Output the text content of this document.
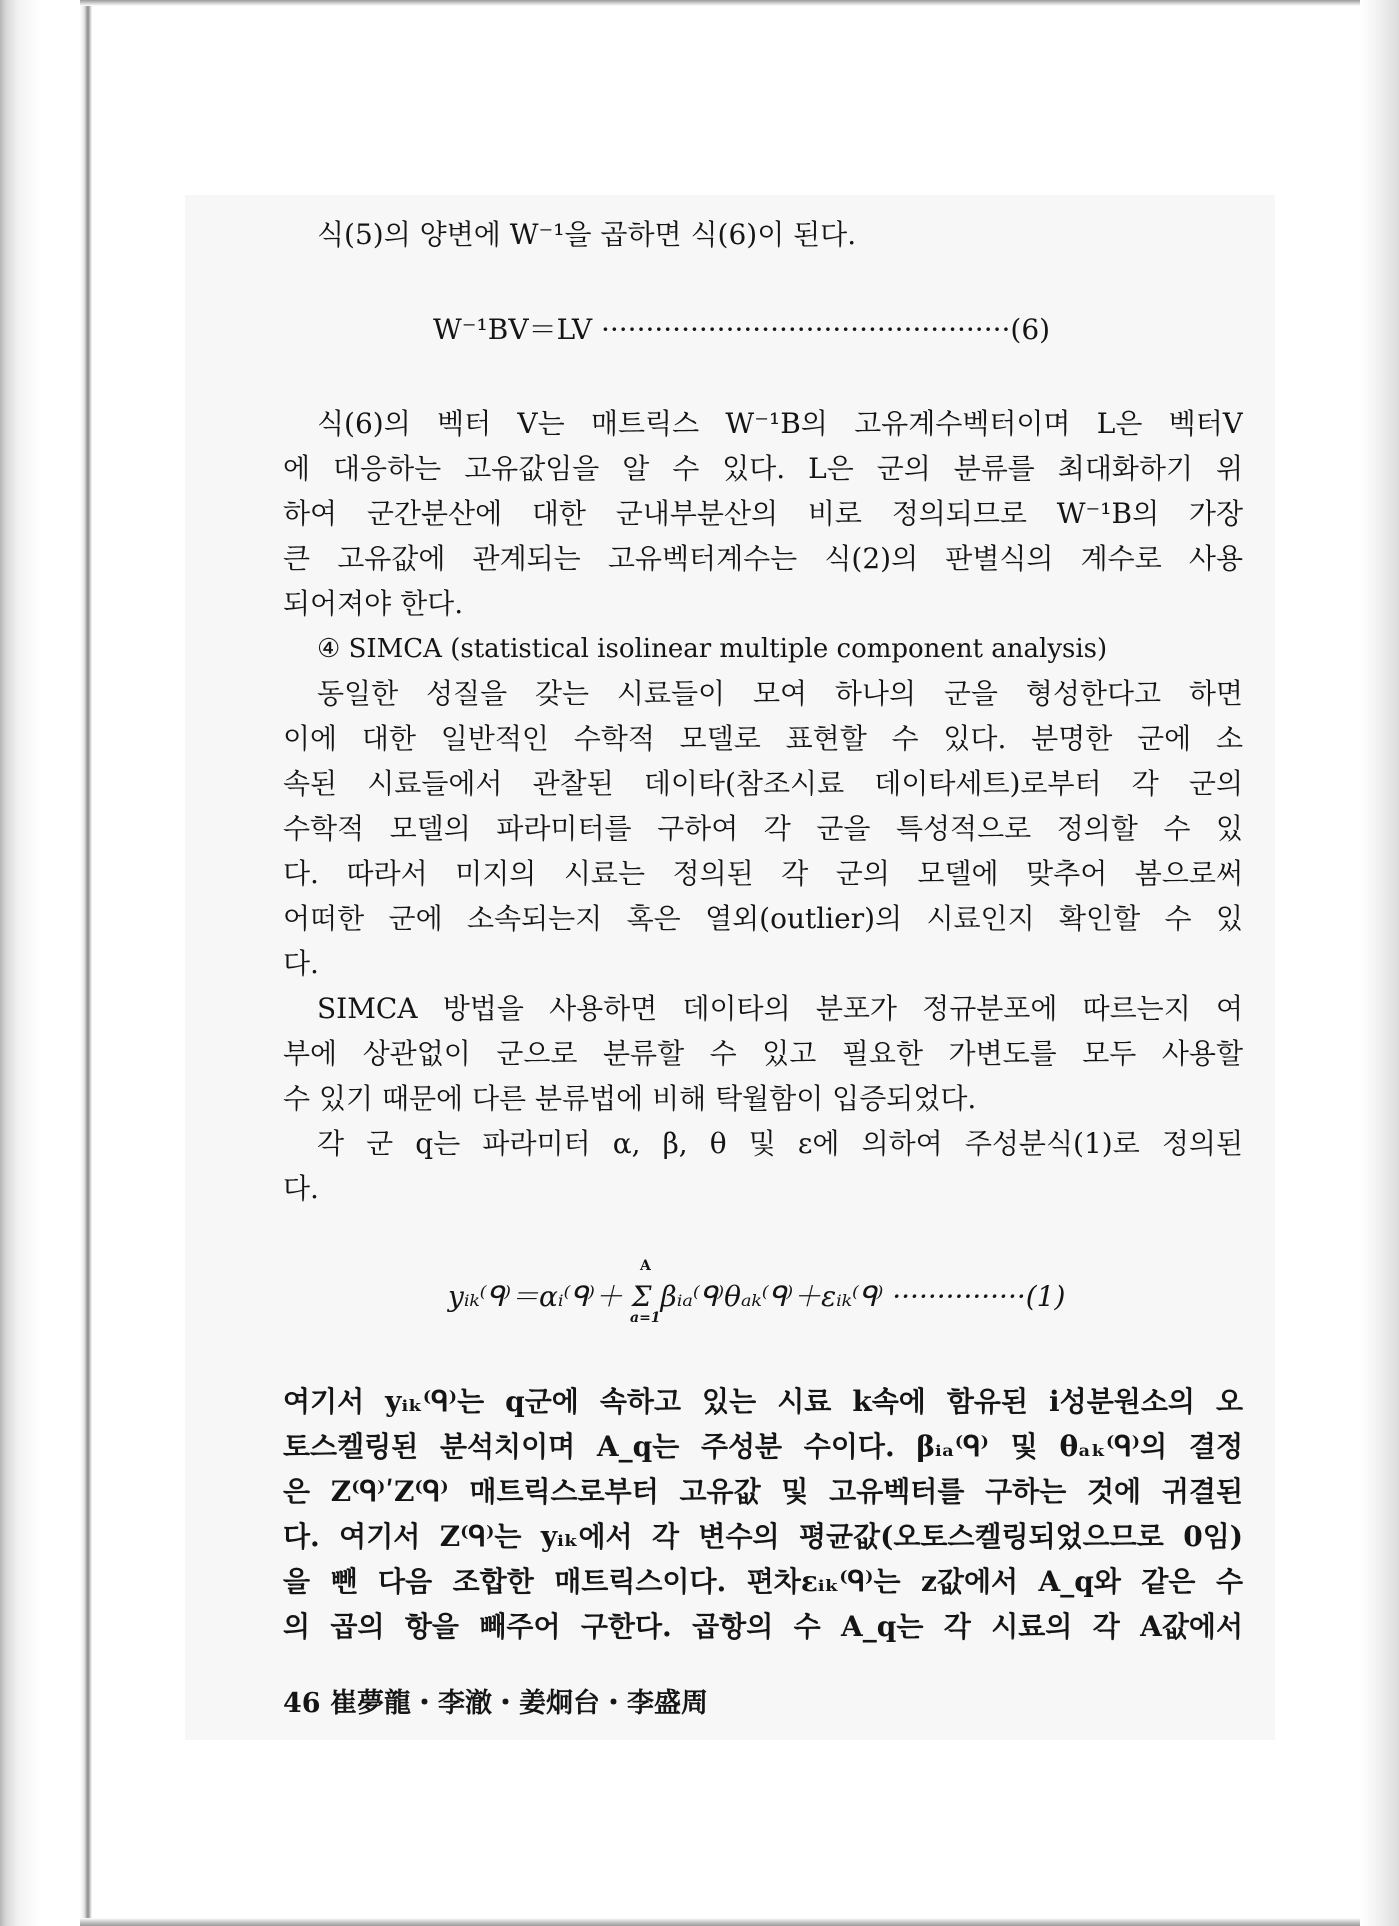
식(5)의 양변에 W⁻¹을 곱하면 식(6)이 된다.
W⁻¹BV＝LV ··············································(6)
식(6)의 벡터 V는 매트릭스 W⁻¹B의 고유계수벡터이며 L은 벡터V
에 대응하는 고유값임을 알 수 있다. L은 군의 분류를 최대화하기 위
하여 군간분산에 대한 군내부분산의 비로 정의되므로 W⁻¹B의 가장
큰 고유값에 관계되는 고유벡터계수는 식(2)의 판별식의 계수로 사용
되어져야 한다.
④ SIMCA (statistical isolinear multiple component analysis)
동일한 성질을 갖는 시료들이 모여 하나의 군을 형성한다고 하면
이에 대한 일반적인 수학적 모델로 표현할 수 있다. 분명한 군에 소
속된 시료들에서 관찰된 데이타(참조시료 데이타세트)로부터 각 군의
수학적 모델의 파라미터를 구하여 각 군을 특성적으로 정의할 수 있
다. 따라서 미지의 시료는 정의된 각 군의 모델에 맞추어 봄으로써
어떠한 군에 소속되는지 혹은 열외(outlier)의 시료인지 확인할 수 있
다.
SIMCA 방법을 사용하면 데이타의 분포가 정규분포에 따르는지 여
부에 상관없이 군으로 분류할 수 있고 필요한 가변도를 모두 사용할
수 있기 때문에 다른 분류법에 비해 탁월함이 입증되었다.
각 군 q는 파라미터 α, β, θ 및 ε에 의하여 주성분식(1)로 정의된
다.
yᵢₖ⁽ᑫ⁾＝αᵢ⁽ᑫ⁾＋ Σ βᵢₐ⁽ᑫ⁾θₐₖ⁽ᑫ⁾＋εᵢₖ⁽ᑫ⁾ ···············(1)
A
a=1
여기서 yᵢₖ⁽ᑫ⁾는 q군에 속하고 있는 시료 k속에 함유된 i성분원소의 오
토스켈링된 분석치이며 A_q는 주성분 수이다. βᵢₐ⁽ᑫ⁾ 및 θₐₖ⁽ᑫ⁾의 결정
은 Z⁽ᑫ⁾ʹZ⁽ᑫ⁾ 매트릭스로부터 고유값 및 고유벡터를 구하는 것에 귀결된
다. 여기서 Z⁽ᑫ⁾는 yᵢₖ에서 각 변수의 평균값(오토스켈링되었으므로 0임)
을 뺀 다음 조합한 매트릭스이다. 편차εᵢₖ⁽ᑫ⁾는 z값에서 A_q와 같은 수
의 곱의 항을 빼주어 구한다. 곱항의 수 A_q는 각 시료의 각 A값에서
46 崔夢龍・李澈・姜炯台・李盛周
